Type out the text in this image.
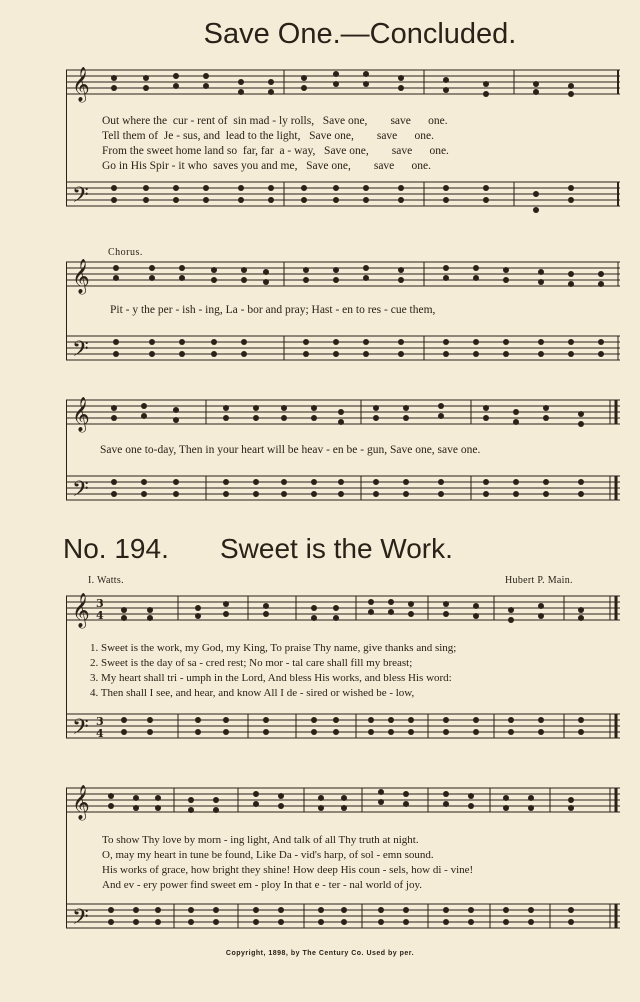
Save One.—Concluded.
𝄞
𝄢
Out where the cur - rent of sin mad - ly rolls, Save one, save one.
Tell them of Je - sus, and lead to the light, Save one, save one.
From the sweet home land so far, far a - way, Save one, save one.
Go in His Spir - it who saves you and me, Save one, save one.
Chorus.
𝄞
𝄢
Pit - y the per - ish - ing, La - bor and pray; Hast - en to res - cue them,
𝄞
𝄢
Save one to-day, Then in your heart will be heav - en be - gun, Save one, save one.
No. 194. Sweet is the Work.
I. Watts.	Hubert P. Main.
𝄞
𝄢
3
4
3
4
1. Sweet is the work, my God, my King, To praise Thy name, give thanks and sing;
2. Sweet is the day of sa - cred rest; No mor - tal care shall fill my breast;
3. My heart shall tri - umph in the Lord, And bless His works, and bless His word:
4. Then shall I see, and hear, and know All I de - sired or wished be - low,
𝄞
𝄢
To show Thy love by morn - ing light, And talk of all Thy truth at night.
O, may my heart in tune be found, Like Da - vid's harp, of sol - emn sound.
His works of grace, how bright they shine! How deep His coun - sels, how di - vine!
And ev - ery power find sweet em - ploy In that e - ter - nal world of joy.
Copyright, 1898, by The Century Co. Used by per.
